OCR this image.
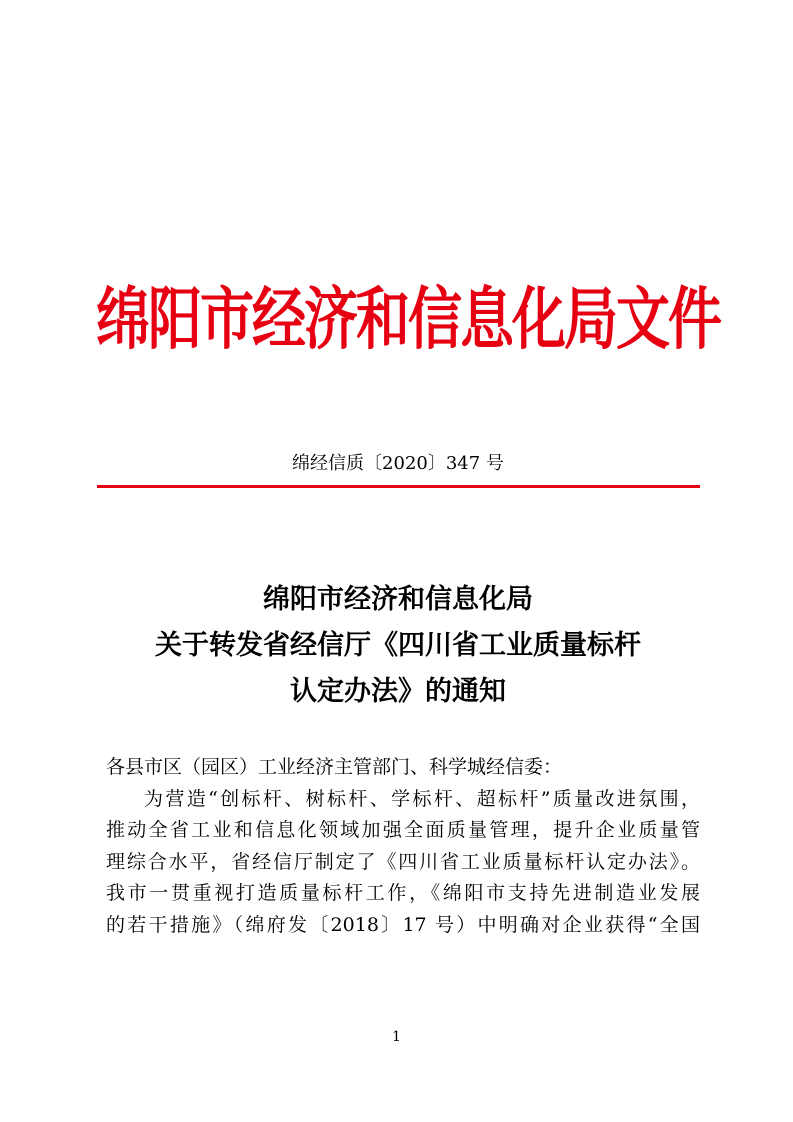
绵阳市经济和信息化局文件
绵经信质〔2020〕347 号
绵阳市经济和信息化局
关于转发省经信厅《四川省工业质量标杆
认定办法》的通知
各县市区（园区）工业经济主管部门、科学城经信委：
为营造“创标杆、树标杆、学标杆、超标杆”质量改进氛围，
推动全省工业和信息化领域加强全面质量管理，提升企业质量管
理综合水平，省经信厅制定了《四川省工业质量标杆认定办法》。
我市一贯重视打造质量标杆工作，《绵阳市支持先进制造业发展
的若干措施》（绵府发〔2018〕17 号）中明确对企业获得“全国
1
